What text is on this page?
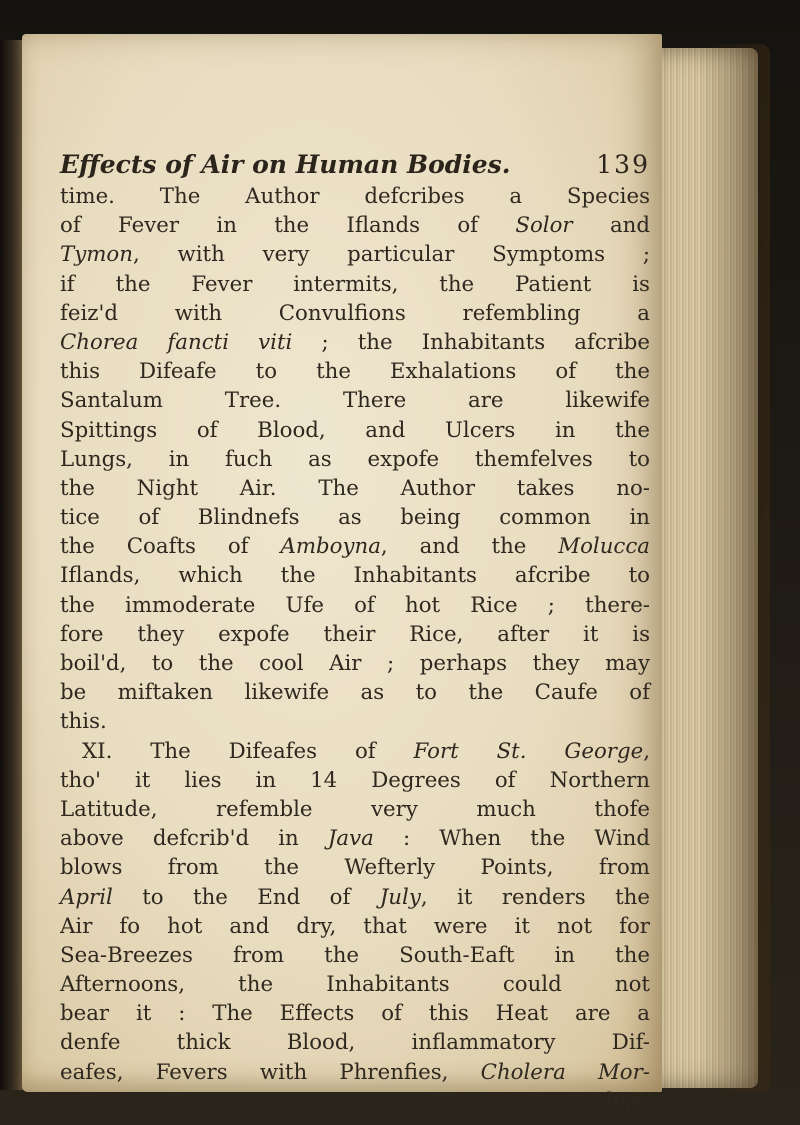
Effects of Air on Human Bodies.	139
time. The Author defcribes a Species
of Fever in the Iflands of Solor and
Tymon, with very particular Symptoms ;
if the Fever intermits, the Patient is
feiz'd with Convulfions refembling a
Chorea fancti viti ; the Inhabitants afcribe
this Difeafe to the Exhalations of the
Santalum Tree. There are likewife
Spittings of Blood, and Ulcers in the
Lungs, in fuch as expofe themfelves to
the Night Air. The Author takes no-
tice of Blindnefs as being common in
the Coafts of Amboyna, and the Molucca
Iflands, which the Inhabitants afcribe to
the immoderate Ufe of hot Rice ; there-
fore they expofe their Rice, after it is
boil'd, to the cool Air ; perhaps they may
be miftaken likewife as to the Caufe of
this.
XI. The Difeafes of Fort St. George,
tho' it lies in 14 Degrees of Northern
Latitude, refemble very much thofe
above defcrib'd in Java : When the Wind
blows from the Wefterly Points, from
April to the End of July, it renders the
Air fo hot and dry, that were it not for
Sea-Breezes from the South-Eaft in the
Afternoons, the Inhabitants could not
bear it : The Effects of this Heat are a
denfe thick Blood, inflammatory Dif-
eafes, Fevers with Phrenfies, Cholera Mor-
bus,
